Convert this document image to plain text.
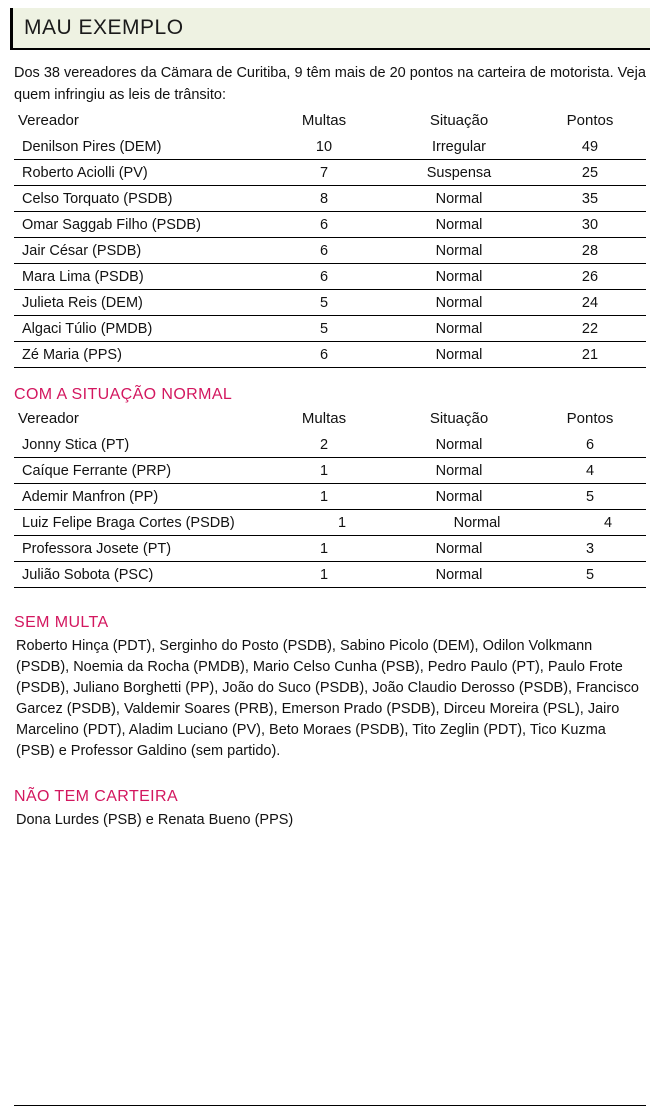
MAU EXEMPLO

Dos 38 vereadores da Cämara de Curitiba, 9 têm mais de 20 pontos na carteira de motorista. Veja quem infringiu as leis de trânsito:

Vereador	Multas	Situação	Pontos
Denilson Pires (DEM)	10	Irregular	49
Roberto Aciolli (PV)	7	Suspensa	25
Celso Torquato (PSDB)	8	Normal	35
Omar Saggab Filho (PSDB)	6	Normal	30
Jair César (PSDB)	6	Normal	28
Mara Lima (PSDB)	6	Normal	26
Julieta Reis (DEM)	5	Normal	24
Algaci Túlio (PMDB)	5	Normal	22
Zé Maria (PPS)	6	Normal	21
COM A SITUAÇÃO NORMAL
Vereador	Multas	Situação	Pontos
Jonny Stica (PT)	2	Normal	6
Caíque Ferrante (PRP)	1	Normal	4
Ademir Manfron (PP)	1	Normal	5
Luiz Felipe Braga Cortes (PSDB)	1	Normal	4
Professora Josete (PT)	1	Normal	3
Julião Sobota (PSC)	1	Normal	5
SEM MULTA

Roberto Hinça (PDT), Serginho do Posto (PSDB), Sabino Picolo (DEM), Odilon Volkmann (PSDB), Noemia da Rocha (PMDB), Mario Celso Cunha (PSB), Pedro Paulo (PT), Paulo Frote (PSDB), Juliano Borghetti (PP), João do Suco (PSDB), João Claudio Derosso (PSDB), Francisco Garcez (PSDB), Valdemir Soares (PRB), Emerson Prado (PSDB), Dirceu Moreira (PSL), Jairo Marcelino (PDT), Aladim Luciano (PV), Beto Moraes (PSDB), Tito Zeglin (PDT), Tico Kuzma (PSB) e Professor Galdino (sem partido).

NÃO TEM CARTEIRA

Dona Lurdes (PSB) e Renata Bueno (PPS)
